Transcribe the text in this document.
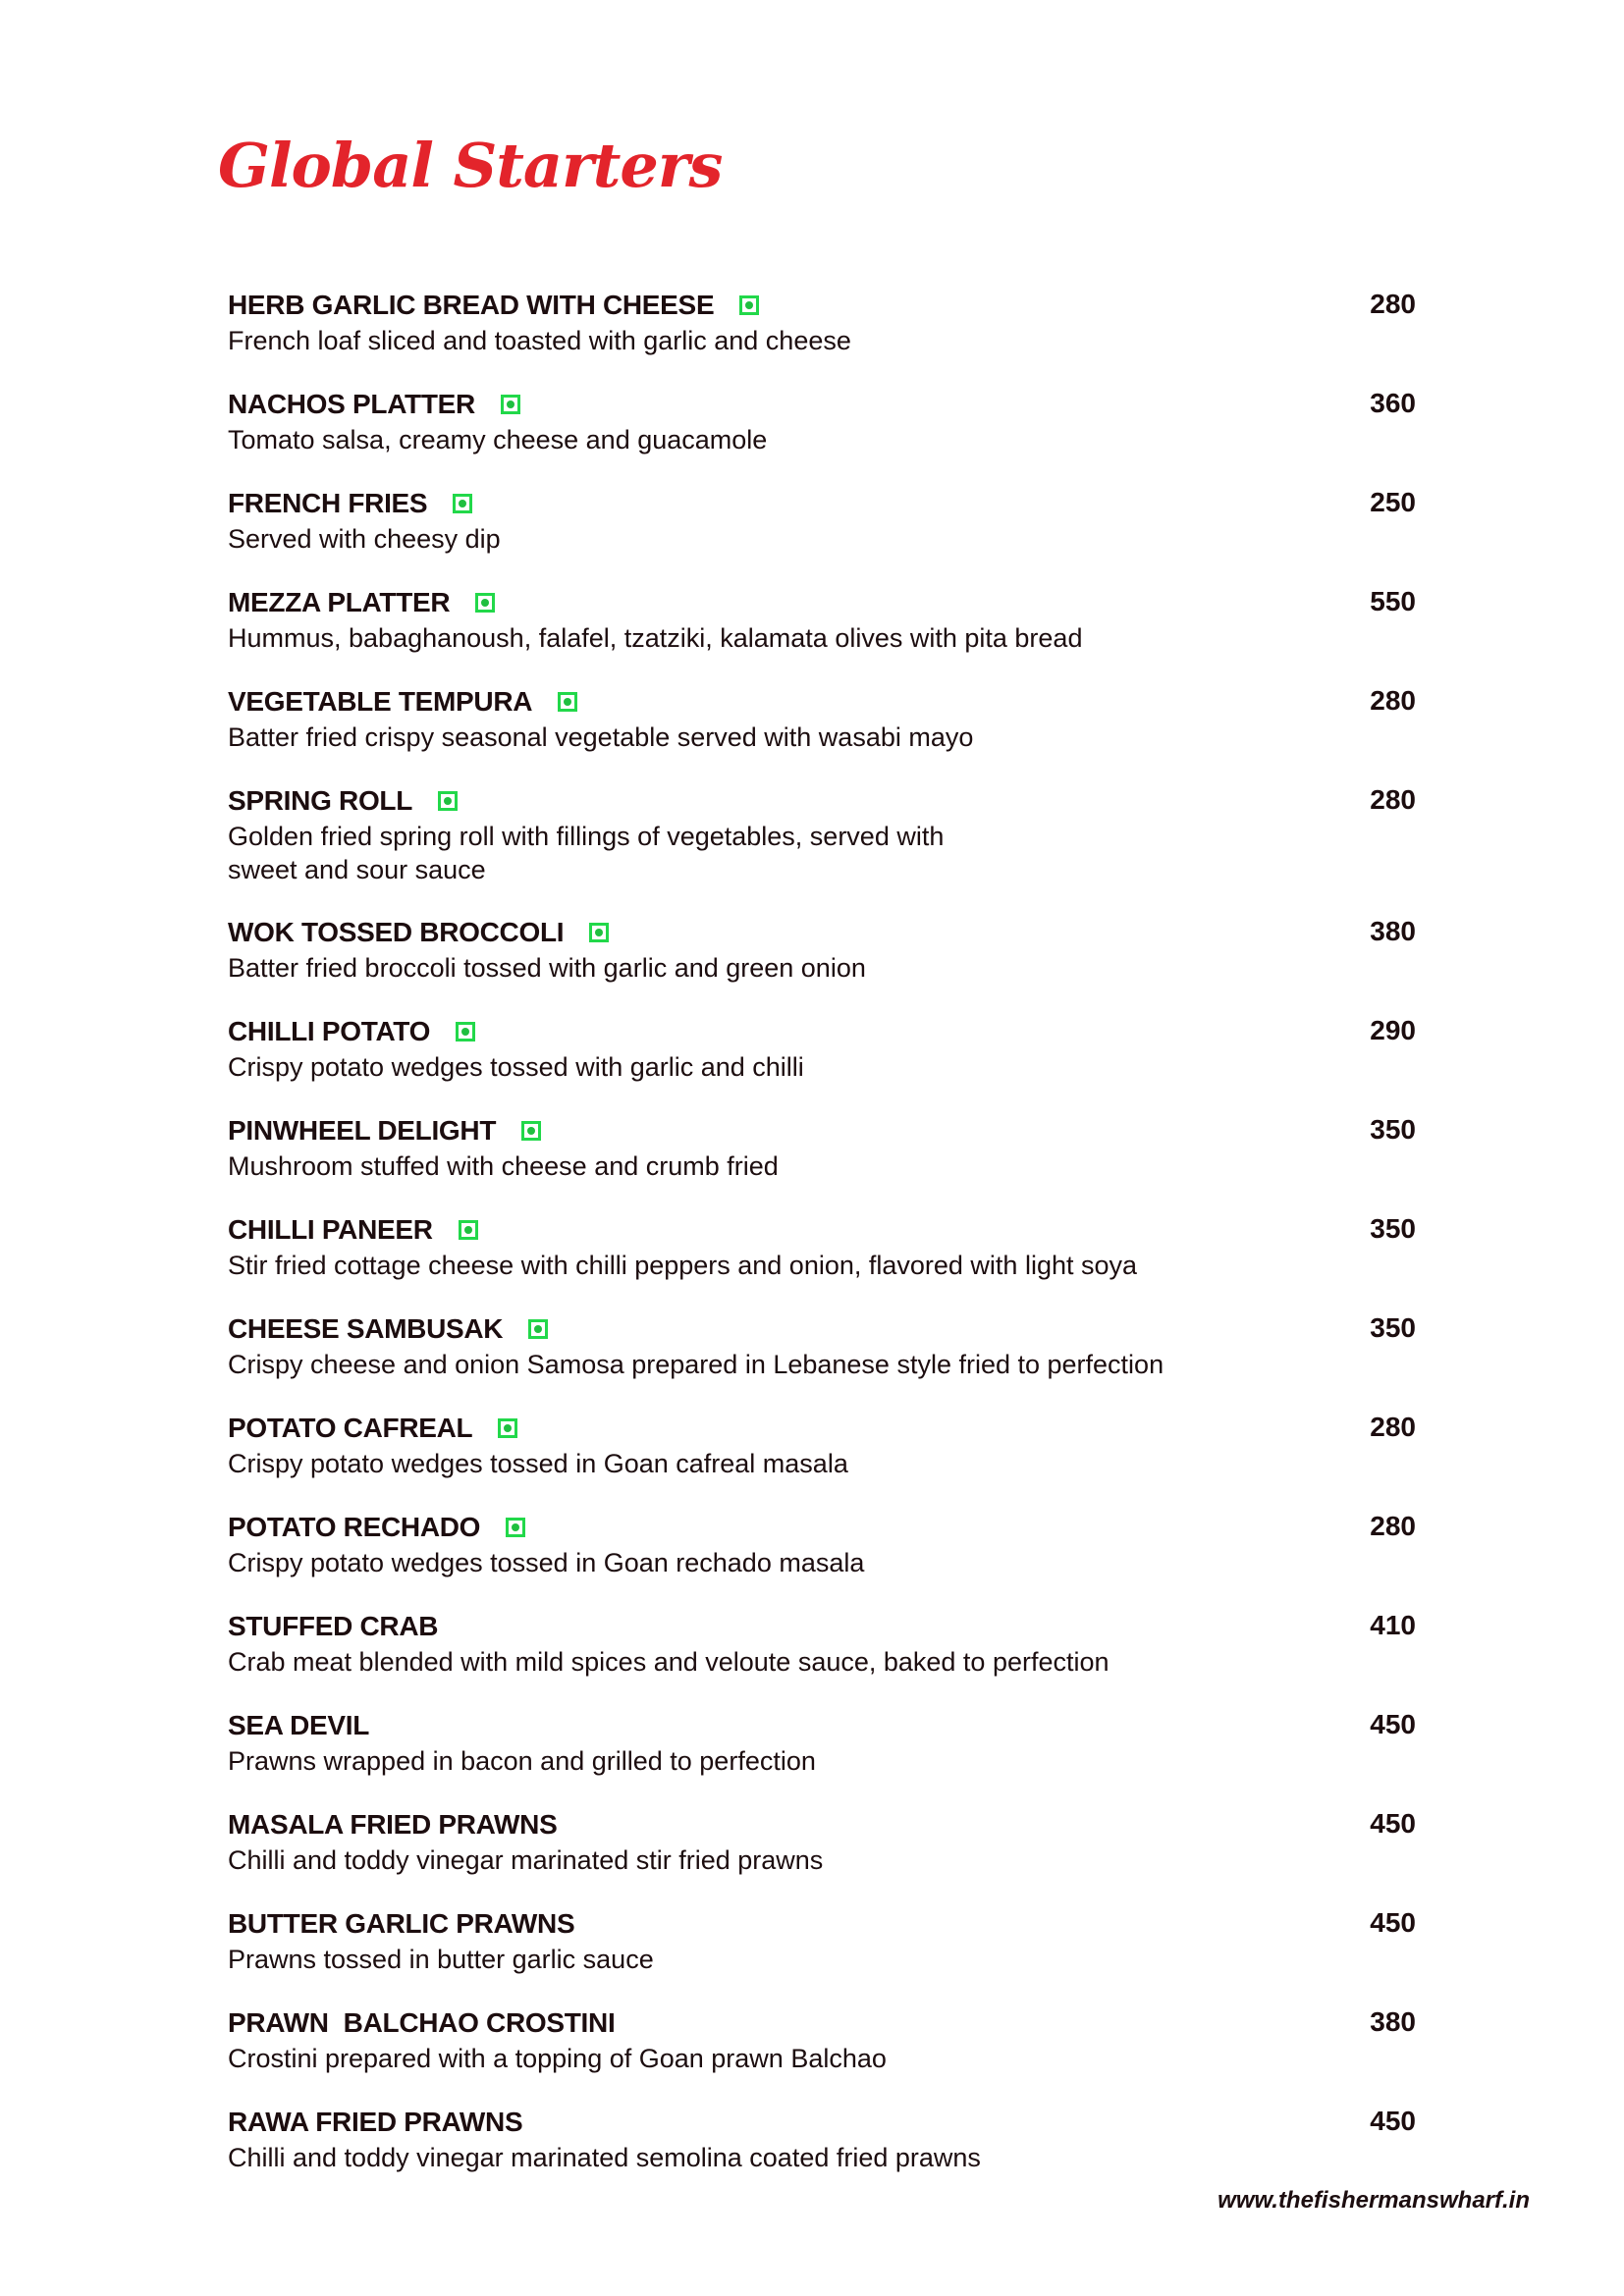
Global Starters
HERB GARLIC BREAD WITH CHEESE
French loaf sliced and toasted with garlic and cheese
280
NACHOS PLATTER
Tomato salsa, creamy cheese and guacamole
360
FRENCH FRIES
Served with cheesy dip
250
MEZZA PLATTER
Hummus, babaghanoush, falafel, tzatziki, kalamata olives with pita bread
550
VEGETABLE TEMPURA
Batter fried crispy seasonal vegetable served with wasabi mayo
280
SPRING ROLL
Golden fried spring roll with fillings of vegetables, served with
sweet and sour sauce
280
WOK TOSSED BROCCOLI
Batter fried broccoli tossed with garlic and green onion
380
CHILLI POTATO
Crispy potato wedges tossed with garlic and chilli
290
PINWHEEL DELIGHT
Mushroom stuffed with cheese and crumb fried
350
CHILLI PANEER
Stir fried cottage cheese with chilli peppers and onion, flavored with light soya
350
CHEESE SAMBUSAK
Crispy cheese and onion Samosa prepared in Lebanese style fried to perfection
350
POTATO CAFREAL
Crispy potato wedges tossed in Goan cafreal masala
280
POTATO RECHADO
Crispy potato wedges tossed in Goan rechado masala
280
STUFFED CRAB
Crab meat blended with mild spices and veloute sauce, baked to perfection
410
SEA DEVIL
Prawns wrapped in bacon and grilled to perfection
450
MASALA FRIED PRAWNS
Chilli and toddy vinegar marinated stir fried prawns
450
BUTTER GARLIC PRAWNS
Prawns tossed in butter garlic sauce
450
PRAWN  BALCHAO CROSTINI
Crostini prepared with a topping of Goan prawn Balchao
380
RAWA FRIED PRAWNS
Chilli and toddy vinegar marinated semolina coated fried prawns
450
www.thefishermanswharf.in
